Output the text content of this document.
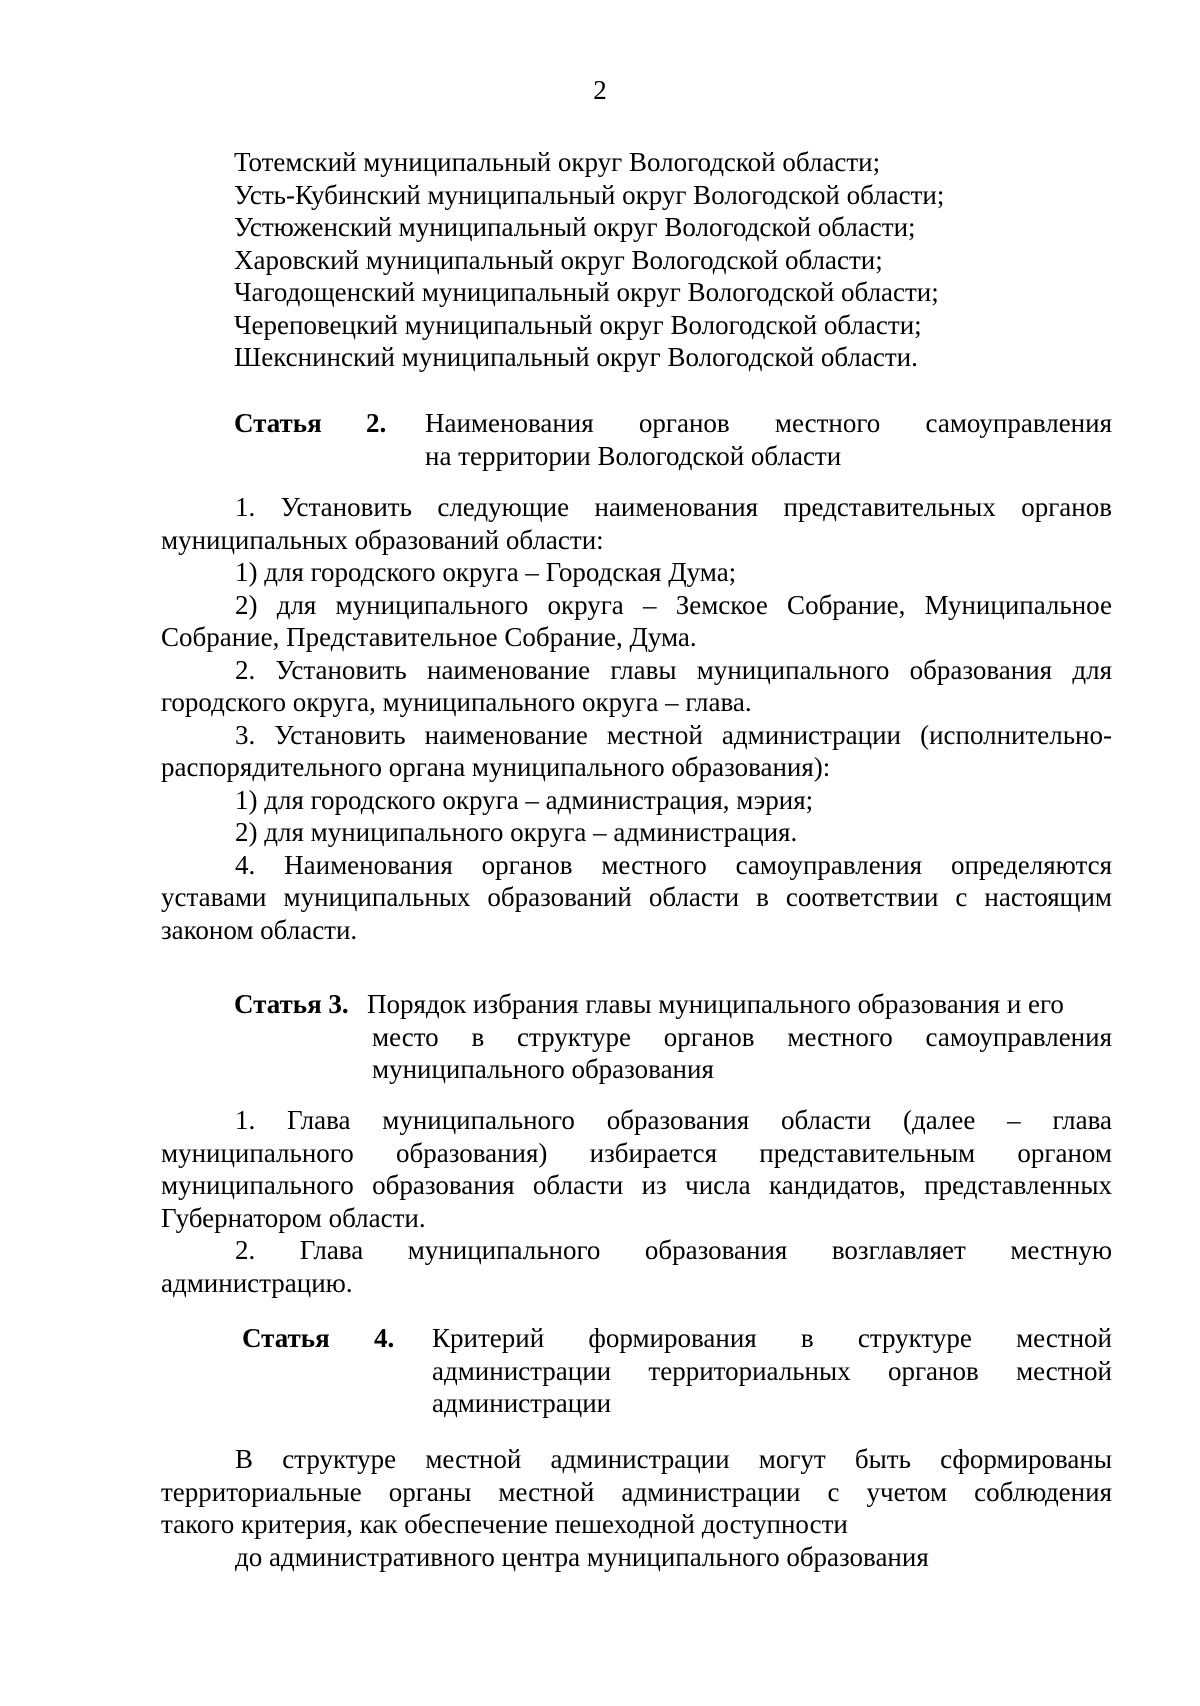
2
Тотемский муниципальный округ Вологодской области;
Усть-Кубинский муниципальный округ Вологодской области;
Устюженский муниципальный округ Вологодской области;
Харовский муниципальный округ Вологодской области;
Чагодощенский муниципальный округ Вологодской области;
Череповецкий муниципальный округ Вологодской области;
Шекснинский муниципальный округ Вологодской области.
Статья 2. Наименования органов местного самоуправления
на территории Вологодской области
1. Установить следующие наименования представительных органов
муниципальных образований области:
1) для городского округа – Городская Дума;
2) для муниципального округа – Земское Собрание, Муниципальное
Собрание, Представительное Собрание, Дума.
2. Установить наименование главы муниципального образования для
городского округа, муниципального округа – глава.
3. Установить наименование местной администрации (исполнительно-
распорядительного органа муниципального образования):
1) для городского округа – администрация, мэрия;
2) для муниципального округа – администрация.
4. Наименования органов местного самоуправления определяются
уставами муниципальных образований области в соответствии с настоящим
законом области.
Статья 3. Порядок избрания главы муниципального образования и его
место в структуре органов местного самоуправления
муниципального образования
1. Глава муниципального образования области (далее – глава
муниципального образования) избирается представительным органом
муниципального образования области из числа кандидатов, представленных
Губернатором области.
2. Глава муниципального образования возглавляет местную
администрацию.
Статья 4. Критерий формирования в структуре местной
администрации территориальных органов местной
администрации
В структуре местной администрации могут быть сформированы
территориальные органы местной администрации с учетом соблюдения
такого критерия, как обеспечение пешеходной доступности
до административного центра муниципального образования
